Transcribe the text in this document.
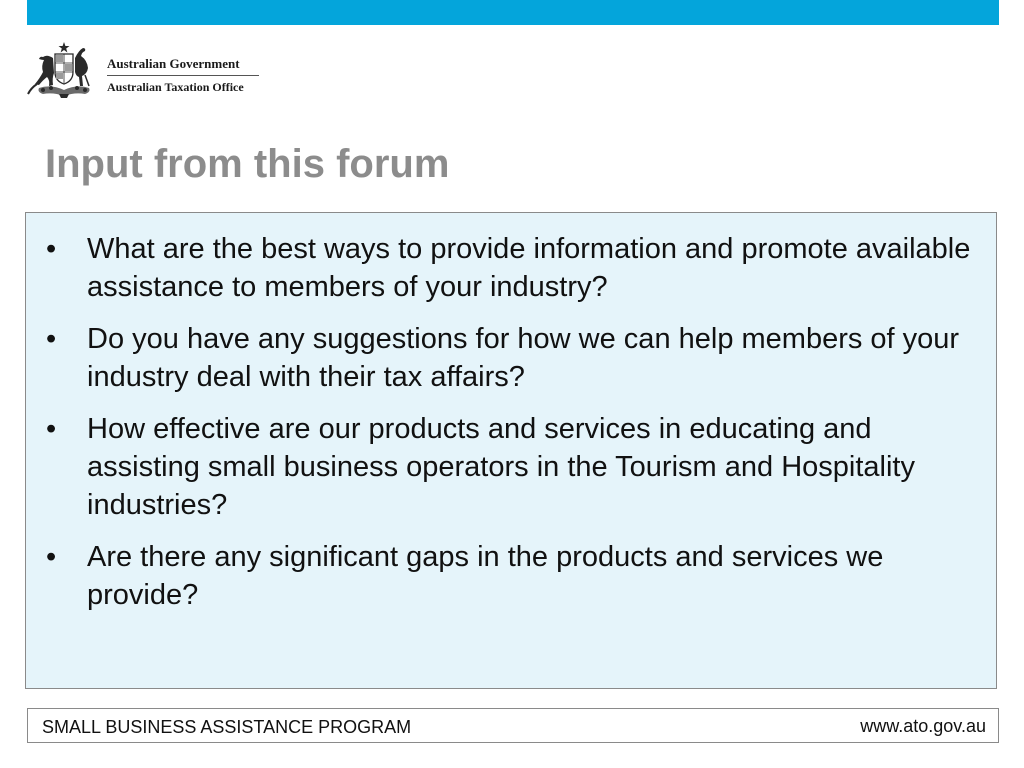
Australian Government
Australian Taxation Office
Input from this forum
•	What are the best ways to provide information and promote available assistance to members of your industry?
•	Do you have any suggestions for how we can help members of your industry deal with their tax affairs?
•	How effective are our products and services in educating and assisting small business operators in the Tourism and Hospitality industries?
•	Are there any significant gaps in the products and services we provide?
SMALL BUSINESS ASSISTANCE PROGRAM	www.ato.gov.au
